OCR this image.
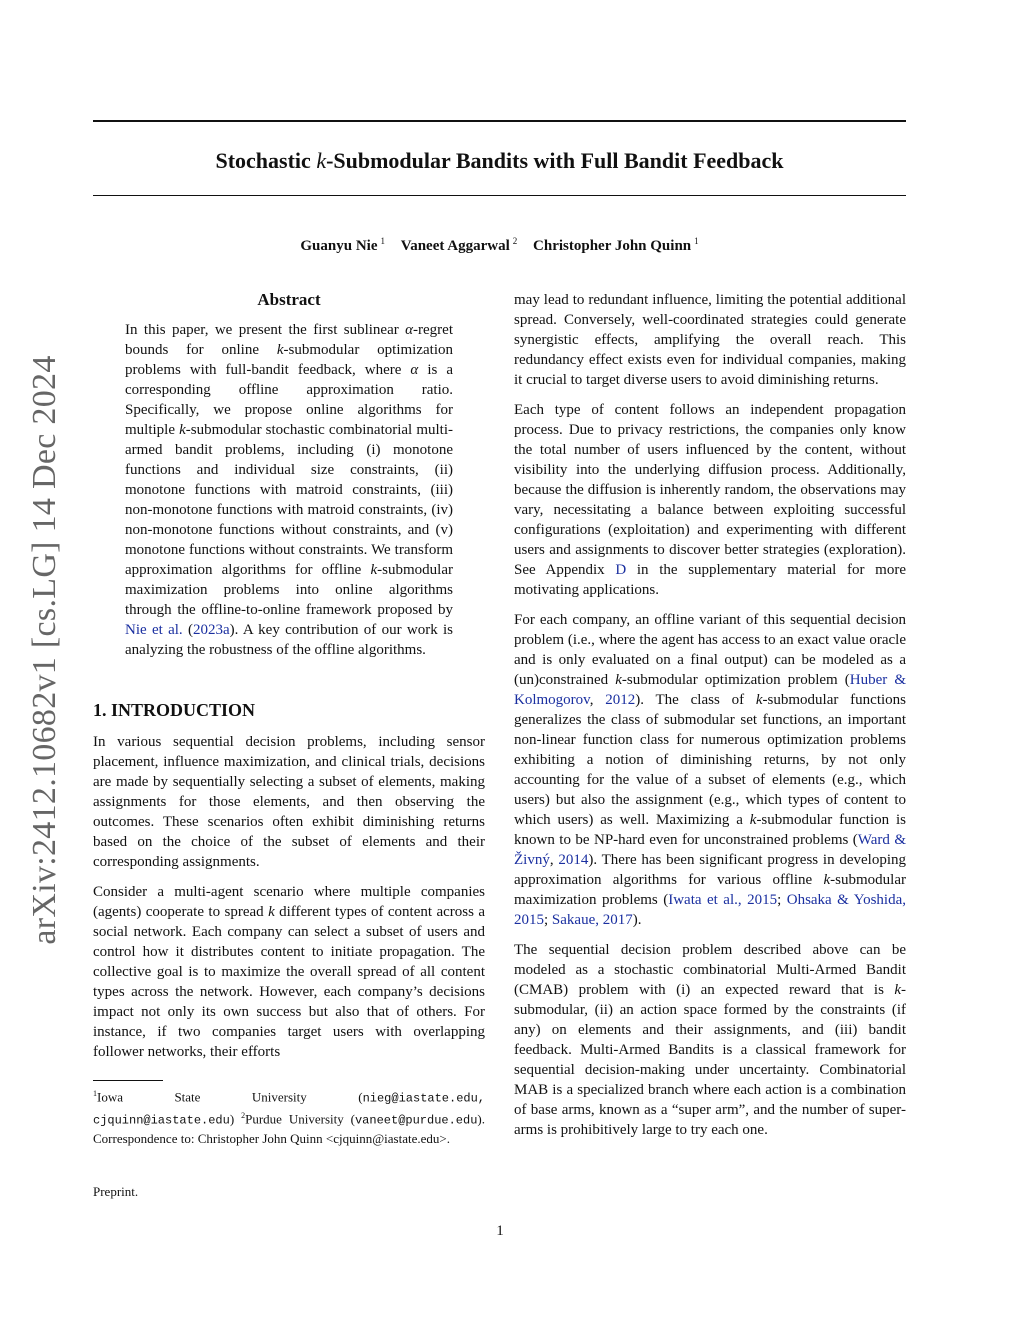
Stochastic k-Submodular Bandits with Full Bandit Feedback
Guanyu Nie $^1$ Vaneet Aggarwal $^2$ Christopher John Quinn $^1$
arXiv:2412.10682v1 [cs.LG] 14 Dec 2024
Abstract
In this paper, we present the first sublinear α-regret bounds for online k-submodular optimization problems with full-bandit feedback, where α is a corresponding offline approximation ratio. Specifically, we propose online algorithms for multiple k-submodular stochastic combinatorial multi-armed bandit problems, including (i) monotone functions and individual size constraints, (ii) monotone functions with matroid constraints, (iii) non-monotone functions with matroid constraints, (iv) non-monotone functions without constraints, and (v) monotone functions without constraints. We transform approximation algorithms for offline k-submodular maximization problems into online algorithms through the offline-to-online framework proposed by Nie et al. (2023a). A key contribution of our work is analyzing the robustness of the offline algorithms.
1. INTRODUCTION

In various sequential decision problems, including sensor placement, influence maximization, and clinical trials, decisions are made by sequentially selecting a subset of elements, making assignments for those elements, and then observing the outcomes. These scenarios often exhibit diminishing returns based on the choice of the subset of elements and their corresponding assignments.

Consider a multi-agent scenario where multiple companies (agents) cooperate to spread k different types of content across a social network. Each company can select a subset of users and control how it distributes content to initiate propagation. The collective goal is to maximize the overall spread of all content types across the network. However, each company’s decisions impact not only its own success but also that of others. For instance, if two companies target users with overlapping follower networks, their efforts

$^1$Iowa State University (nieg@iastate.edu, cjquinn@iastate.edu) $^2$Purdue University (vaneet@purdue.edu). Correspondence to: Christopher John Quinn <cjquinn@iastate.edu>.

Preprint.

may lead to redundant influence, limiting the potential additional spread. Conversely, well-coordinated strategies could generate synergistic effects, amplifying the overall reach. This redundancy effect exists even for individual companies, making it crucial to target diverse users to avoid diminishing returns.

Each type of content follows an independent propagation process. Due to privacy restrictions, the companies only know the total number of users influenced by the content, without visibility into the underlying diffusion process. Additionally, because the diffusion is inherently random, the observations may vary, necessitating a balance between exploiting successful configurations (exploitation) and experimenting with different users and assignments to discover better strategies (exploration). See Appendix D in the supplementary material for more motivating applications.

For each company, an offline variant of this sequential decision problem (i.e., where the agent has access to an exact value oracle and is only evaluated on a final output) can be modeled as a (un)constrained k-submodular optimization problem (Huber & Kolmogorov, 2012). The class of k-submodular functions generalizes the class of submodular set functions, an important non-linear function class for numerous optimization problems exhibiting a notion of diminishing returns, by not only accounting for the value of a subset of elements (e.g., which users) but also the assignment (e.g., which types of content to which users) as well. Maximizing a k-submodular function is known to be NP-hard even for unconstrained problems (Ward & Živný, 2014). There has been significant progress in developing approximation algorithms for various offline k-submodular maximization problems (Iwata et al., 2015; Ohsaka & Yoshida, 2015; Sakaue, 2017).

The sequential decision problem described above can be modeled as a stochastic combinatorial Multi-Armed Bandit (CMAB) problem with (i) an expected reward that is k-submodular, (ii) an action space formed by the constraints (if any) on elements and their assignments, and (iii) bandit feedback. Multi-Armed Bandits is a classical framework for sequential decision-making under uncertainty. Combinatorial MAB is a specialized branch where each action is a combination of base arms, known as a “super arm”, and the number of super-arms is prohibitively large to try each one.

1
